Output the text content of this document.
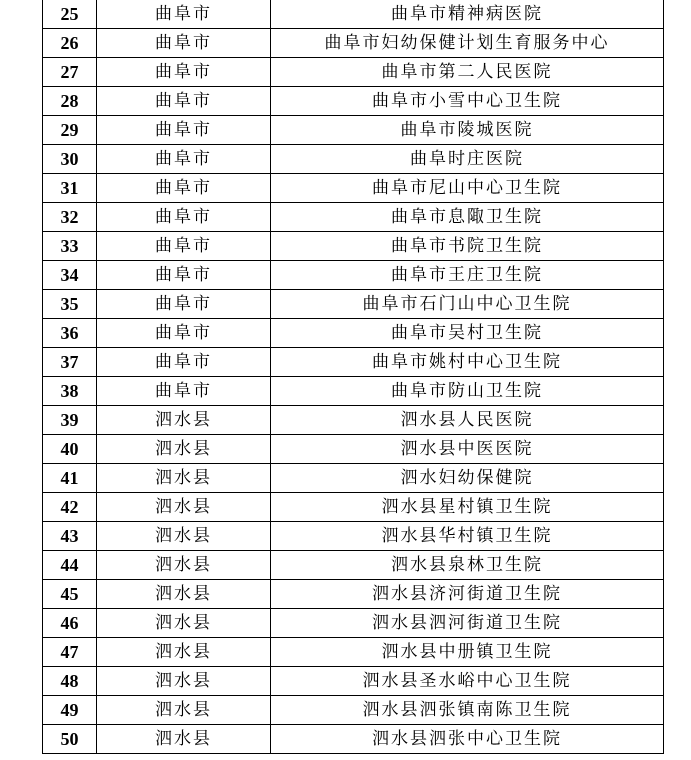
25	曲阜市	曲阜市精神病医院
26	曲阜市	曲阜市妇幼保健计划生育服务中心
27	曲阜市	曲阜市第二人民医院
28	曲阜市	曲阜市小雪中心卫生院
29	曲阜市	曲阜市陵城医院
30	曲阜市	曲阜时庄医院
31	曲阜市	曲阜市尼山中心卫生院
32	曲阜市	曲阜市息陬卫生院
33	曲阜市	曲阜市书院卫生院
34	曲阜市	曲阜市王庄卫生院
35	曲阜市	曲阜市石门山中心卫生院
36	曲阜市	曲阜市吴村卫生院
37	曲阜市	曲阜市姚村中心卫生院
38	曲阜市	曲阜市防山卫生院
39	泗水县	泗水县人民医院
40	泗水县	泗水县中医医院
41	泗水县	泗水妇幼保健院
42	泗水县	泗水县星村镇卫生院
43	泗水县	泗水县华村镇卫生院
44	泗水县	泗水县泉林卫生院
45	泗水县	泗水县济河街道卫生院
46	泗水县	泗水县泗河街道卫生院
47	泗水县	泗水县中册镇卫生院
48	泗水县	泗水县圣水峪中心卫生院
49	泗水县	泗水县泗张镇南陈卫生院
50	泗水县	泗水县泗张中心卫生院
